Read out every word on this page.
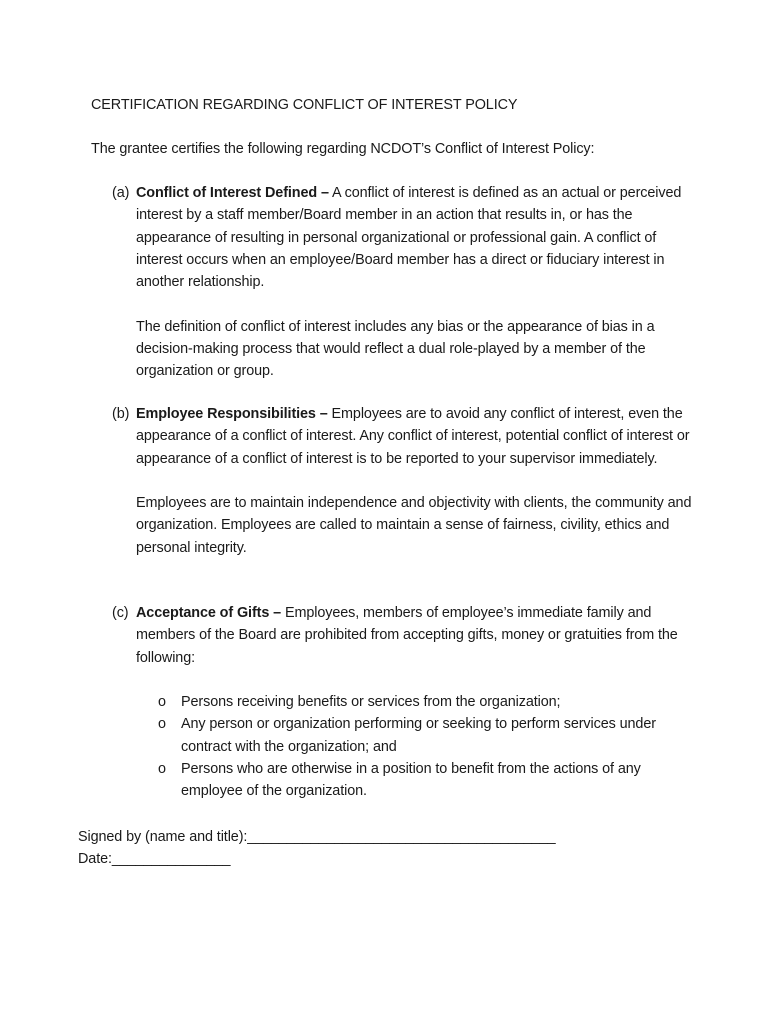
CERTIFICATION REGARDING CONFLICT OF INTEREST POLICY
The grantee certifies the following regarding NCDOT’s Conflict of Interest Policy:
(a) Conflict of Interest Defined – A conflict of interest is defined as an actual or perceived interest by a staff member/Board member in an action that results in, or has the appearance of resulting in personal organizational or professional gain. A conflict of interest occurs when an employee/Board member has a direct or fiduciary interest in another relationship.

The definition of conflict of interest includes any bias or the appearance of bias in a decision-making process that would reflect a dual role-played by a member of the organization or group.

(b) Employee Responsibilities – Employees are to avoid any conflict of interest, even the appearance of a conflict of interest. Any conflict of interest, potential conflict of interest or appearance of a conflict of interest is to be reported to your supervisor immediately.

Employees are to maintain independence and objectivity with clients, the community and organization. Employees are called to maintain a sense of fairness, civility, ethics and personal integrity.

(c) Acceptance of Gifts – Employees, members of employee’s immediate family and members of the Board are prohibited from accepting gifts, money or gratuities from the following:

o Persons receiving benefits or services from the organization;
o Any person or organization performing or seeking to perform services under contract with the organization; and
o Persons who are otherwise in a position to benefit from the actions of any employee of the organization.
Signed by (name and title):_______________________________________
Date:_______________
